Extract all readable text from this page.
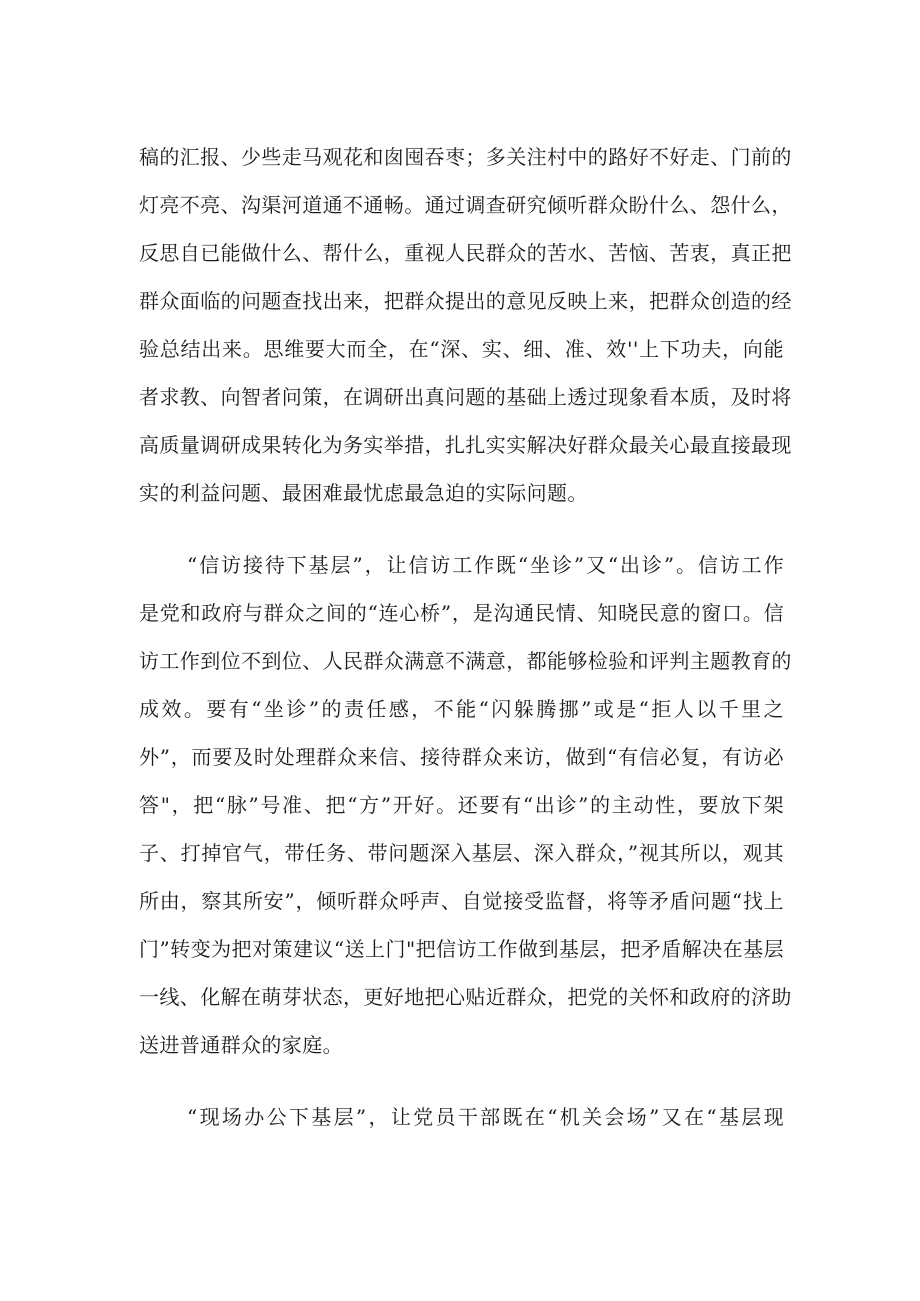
稿的汇报、少些走马观花和囱囤吞枣；多关注村中的路好不好走、门前的
灯亮不亮、沟渠河道通不通畅。通过调查研究倾听群众盼什么、怨什么，
反思自已能做什么、帮什么，重视人民群众的苦水、苦恼、苦衷，真正把
群众面临的问题查找出来，把群众提出的意见反映上来，把群众创造的经
验总结出来。思维要大而全，在“深、实、细、准、效''上下功夫，向能
者求教、向智者问策，在调研出真问题的基础上透过现象看本质，及时将
高质量调研成果转化为务实举措，扎扎实实解决好群众最关心最直接最现
实的利益问题、最困难最忧虑最急迫的实际问题。
“信访接待下基层”，让信访工作既“坐诊”又“出诊”。信访工作
是党和政府与群众之间的“连心桥”，是沟通民情、知晓民意的窗口。信
访工作到位不到位、人民群众满意不满意，都能够检验和评判主题教育的
成效。要有“坐诊”的责任感，不能“闪躲腾挪”或是“拒人以千里之
外”，而要及时处理群众来信、接待群众来访，做到“有信必复，有访必
答"，把“脉”号准、把“方”开好。还要有“出诊”的主动性，要放下架
子、打掉官气，带任务、带问题深入基层、深入群众，”视其所以，观其
所由，察其所安”，倾听群众呼声、自觉接受监督，将等矛盾问题“找上
门”转变为把对策建议“送上门"把信访工作做到基层，把矛盾解决在基层
一线、化解在萌芽状态，更好地把心贴近群众，把党的关怀和政府的济助
送进普通群众的家庭。
“现场办公下基层”，让党员干部既在“机关会场”又在“基层现
